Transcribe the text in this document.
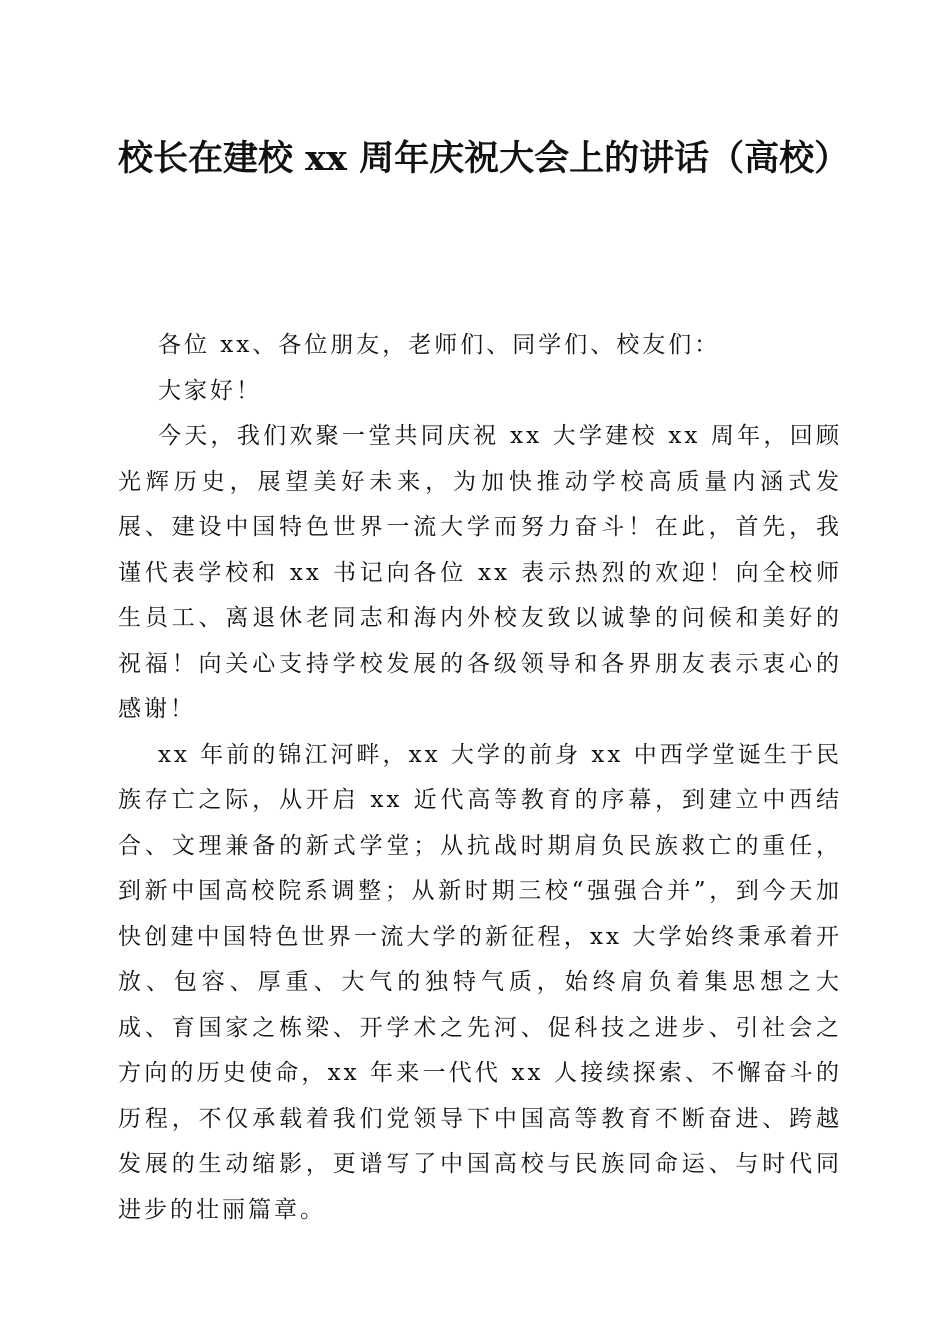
校长在建校 xx 周年庆祝大会上的讲话（高校）

各位 xx、各位朋友，老师们、同学们、校友们：

大家好！

今天，我们欢聚一堂共同庆祝 xx 大学建校 xx 周年，回顾光辉历史，展望美好未来，为加快推动学校高质量内涵式发展、建设中国特色世界一流大学而努力奋斗！在此，首先，我谨代表学校和 xx 书记向各位 xx 表示热烈的欢迎！向全校师生员工、离退休老同志和海内外校友致以诚挚的问候和美好的祝福！向关心支持学校发展的各级领导和各界朋友表示衷心的感谢！

xx 年前的锦江河畔，xx 大学的前身 xx 中西学堂诞生于民族存亡之际，从开启 xx 近代高等教育的序幕，到建立中西结合、文理兼备的新式学堂；从抗战时期肩负民族救亡的重任，到新中国高校院系调整；从新时期三校“强强合并”，到今天加快创建中国特色世界一流大学的新征程，xx 大学始终秉承着开放、包容、厚重、大气的独特气质，始终肩负着集思想之大成、育国家之栋梁、开学术之先河、促科技之进步、引社会之方向的历史使命，xx 年来一代代 xx 人接续探索、不懈奋斗的历程，不仅承载着我们党领导下中国高等教育不断奋进、跨越发展的生动缩影，更谱写了中国高校与民族同命运、与时代同进步的壮丽篇章。
